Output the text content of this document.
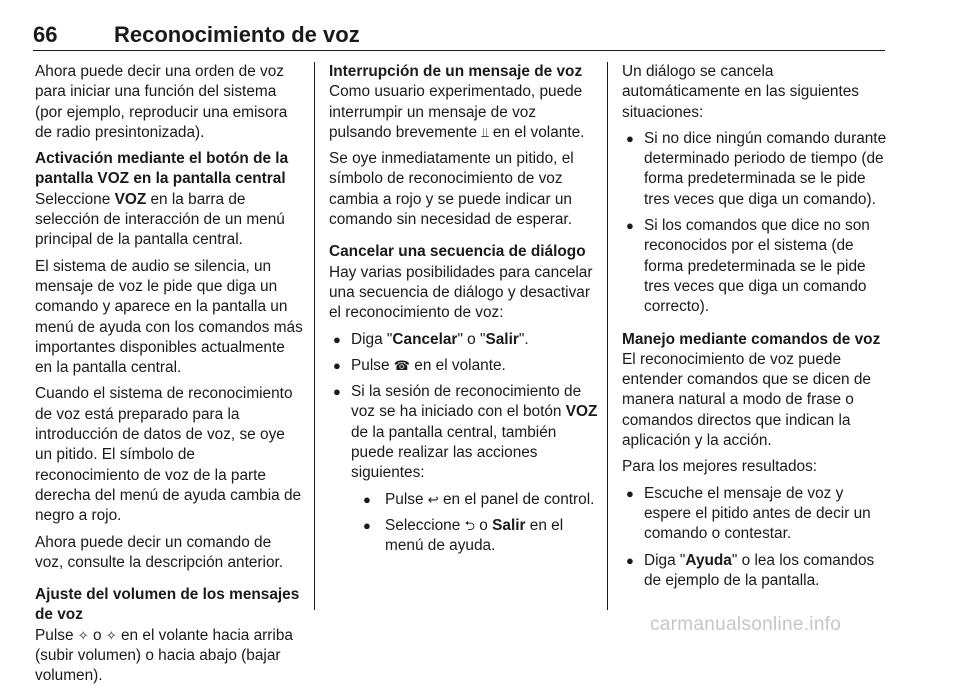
66	Reconocimiento de voz

Ahora puede decir una orden de voz para iniciar una función del sistema (por ejemplo, reproducir una emisora de radio presintonizada).

Activación mediante el botón de la pantalla VOZ en la pantalla central

Seleccione VOZ en la barra de selección de interacción de un menú principal de la pantalla central.

El sistema de audio se silencia, un mensaje de voz le pide que diga un comando y aparece en la pantalla un menú de ayuda con los comandos más importantes disponibles actualmente en la pantalla central.

Cuando el sistema de reconocimiento de voz está preparado para la introducción de datos de voz, se oye un pitido. El símbolo de reconocimiento de voz de la parte derecha del menú de ayuda cambia de negro a rojo.

Ahora puede decir un comando de voz, consulte la descripción anterior.

Ajuste del volumen de los mensajes de voz

Pulse ✧ o ✧ en el volante hacia arriba (subir volumen) o hacia abajo (bajar volumen).

Interrupción de un mensaje de voz

Como usuario experimentado, puede interrumpir un mensaje de voz pulsando brevemente ⫫ en el volante.

Se oye inmediatamente un pitido, el símbolo de reconocimiento de voz cambia a rojo y se puede indicar un comando sin necesidad de esperar.

Cancelar una secuencia de diálogo

Hay varias posibilidades para cancelar una secuencia de diálogo y desactivar el reconocimiento de voz:

● Diga "Cancelar" o "Salir".
● Pulse ☎ en el volante.
● Si la sesión de reconocimiento de voz se ha iniciado con el botón VOZ de la pantalla central, también puede realizar las acciones siguientes:
● Pulse ↩ en el panel de control.
● Seleccione ⮌ o Salir en el menú de ayuda.

Un diálogo se cancela automáticamente en las siguientes situaciones:

● Si no dice ningún comando durante determinado periodo de tiempo (de forma predeterminada se le pide tres veces que diga un comando).
● Si los comandos que dice no son reconocidos por el sistema (de forma predeterminada se le pide tres veces que diga un comando correcto).
Manejo mediante comandos de voz

El reconocimiento de voz puede entender comandos que se dicen de manera natural a modo de frase o comandos directos que indican la aplicación y la acción.

Para los mejores resultados:

● Escuche el mensaje de voz y espere el pitido antes de decir un comando o contestar.
● Diga "Ayuda" o lea los comandos de ejemplo de la pantalla.
carmanualsonline.info
